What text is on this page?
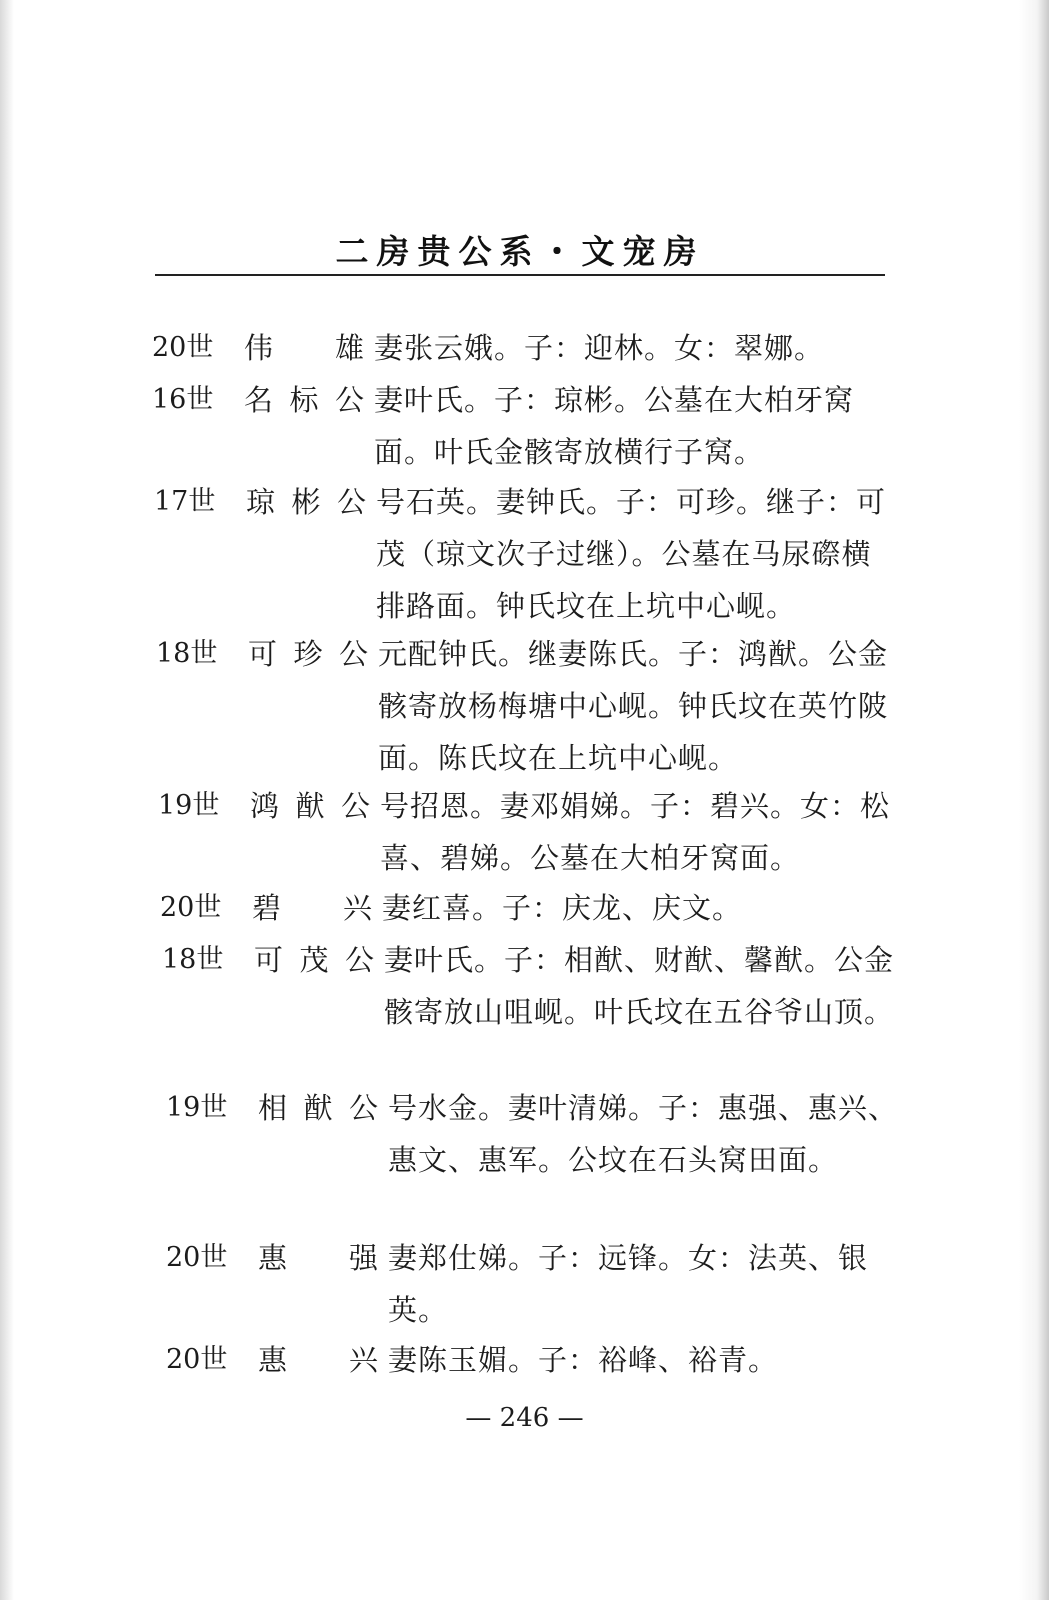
二房贵公系・文宠房
20世	伟雄 妻张云娥。子：迎林。女：翠娜。
16世	名标公 妻叶氏。子：琼彬。公墓在大柏牙窝面。叶氏金骸寄放横行子窝。
17世	琼彬公 号石英。妻钟氏。子：可珍。继子：可茂（琼文次子过继）。公墓在马尿磜横排路面。钟氏坟在上坑中心岘。
18世	可珍公 元配钟氏。继妻陈氏。子：鸿猷。公金骸寄放杨梅塘中心岘。钟氏坟在英竹陂面。陈氏坟在上坑中心岘。
19世	鸿猷公 号招恩。妻邓娟娣。子：碧兴。女：松喜、碧娣。公墓在大柏牙窝面。
20世	碧兴 妻红喜。子：庆龙、庆文。
18世	可茂公 妻叶氏。子：相猷、财猷、馨猷。公金骸寄放山咀岘。叶氏坟在五谷爷山顶。
19世	相猷公 号水金。妻叶清娣。子：惠强、惠兴、惠文、惠军。公坟在石头窝田面。
20世	惠强 妻郑仕娣。子：远锋。女：法英、银英。
20世	惠兴 妻陈玉媚。子：裕峰、裕青。
— 246 —
